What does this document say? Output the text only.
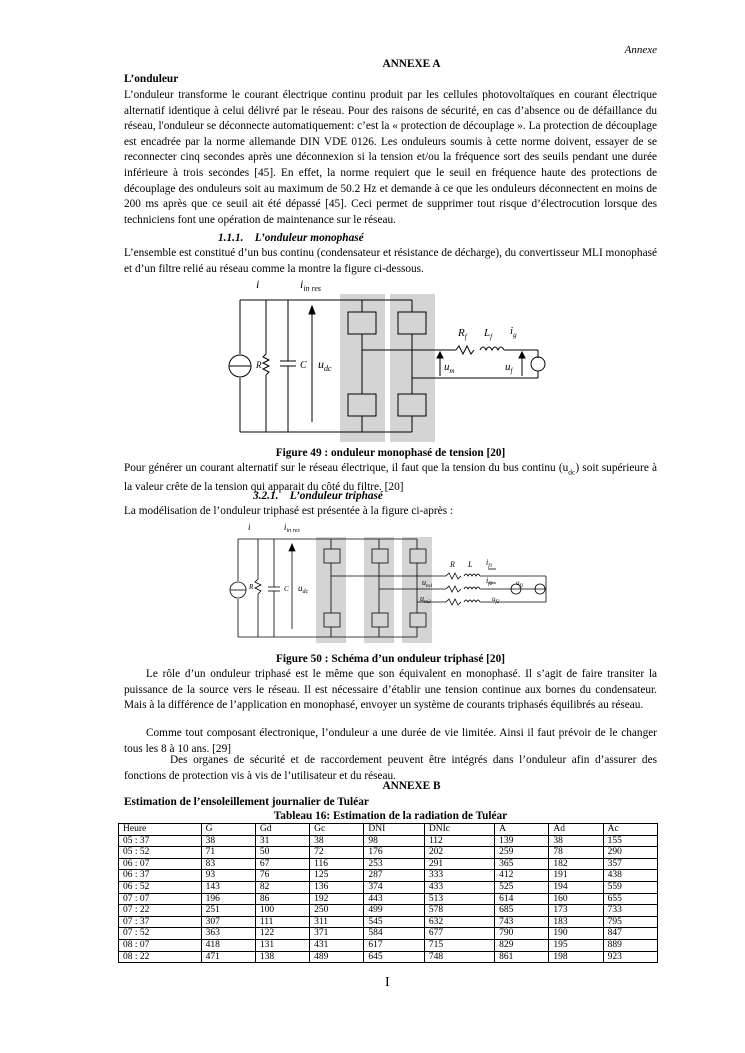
Annexe
ANNEXE A
L’onduleur

L’onduleur transforme le courant électrique continu produit par les cellules photovoltaïques en courant électrique alternatif identique à celui délivré par le réseau. Pour des raisons de sécurité, en cas d’absence ou de défaillance du réseau, l'onduleur se déconnecte automatiquement: c’est la « protection de découplage ». La protection de découplage est encadrée par la norme allemande DIN VDE 0126. Les onduleurs soumis à cette norme doivent, essayer de se reconnecter cinq secondes après une déconnexion si la tension et/ou la fréquence sort des seuils pendant une durée inférieure à trois secondes [45]. En effet, la norme requiert que le seuil en fréquence haute des protections de découplage des onduleurs soit au maximum de 50.2 Hz et demande à ce que les onduleurs déconnectent en moins de 200 ms après que ce seuil ait été dépassé [45]. Ceci permet de supprimer tout risque d’électrocution lorsque des techniciens font une opération de maintenance sur le réseau.

1.1.1. L’onduleur monophasé

L’ensemble est constitué d’un bus continu (condensateur et résistance de décharge), du convertisseur MLI monophasé et d’un filtre relié au réseau comme la montre la figure ci-dessous.

i	$i_{in res}$
R	C $u_{dc}$
$R_f$ $L_f$ $i_g$
$u_m$	$u_f$
Figure 49 : onduleur monophasé de tension [20]

Pour générer un courant alternatif sur le réseau électrique, il faut que la tension du bus continu $(u_{dc})$ soit supérieure à la valeur crête de la tension qui apparait du côté du filtre. [20]

3.2.1. L’onduleur triphasé

La modélisation de l’onduleur triphasé est présentée à la figure ci-après :

i	$i_{in res}$
R	C $u_{dc}$
R L $i_{f1}$
$i_{f2}$
$u_{m1}$
$u_{m2}$
$u_{f1}$
$u_{f2}$
Figure 50 : Schéma d’un onduleur triphasé [20]

Le rôle d’un onduleur triphasé est le même que son équivalent en monophasé. Il s’agit de faire transiter la puissance de la source vers le réseau. Il est nécessaire d’établir une tension continue aux bornes du condensateur. Mais à la différence de l’application en monophasé, envoyer un système de courants triphasés équilibrés au réseau.

Comme tout composant électronique, l’onduleur a une durée de vie limitée. Ainsi il faut prévoir de le changer tous les 8 à 10 ans. [29]

Des organes de sécurité et de raccordement peuvent être intégrés dans l’onduleur afin d’assurer des fonctions de protection vis à vis de l’utilisateur et du réseau.

ANNEXE B
Estimation de l’ensoleillement journalier de Tuléar
Tableau 16: Estimation de la radiation de Tuléar
Heure	G	Gd	Gc	DNI	DNIc	A	Ad	Ac
05 : 37	38	31	38	98	112	139	38	155
05 : 52	71	50	72	176	202	259	78	290
06 : 07	83	67	116	253	291	365	182	357
06 : 37	93	76	125	287	333	412	191	438
06 : 52	143	82	136	374	433	525	194	559
07 : 07	196	86	192	443	513	614	160	655
07 : 22	251	100	250	499	578	685	173	733
07 : 37	307	111	311	545	632	743	183	795
07 : 52	363	122	371	584	677	790	190	847
08 : 07	418	131	431	617	715	829	195	889
08 : 22	471	138	489	645	748	861	198	923
I
